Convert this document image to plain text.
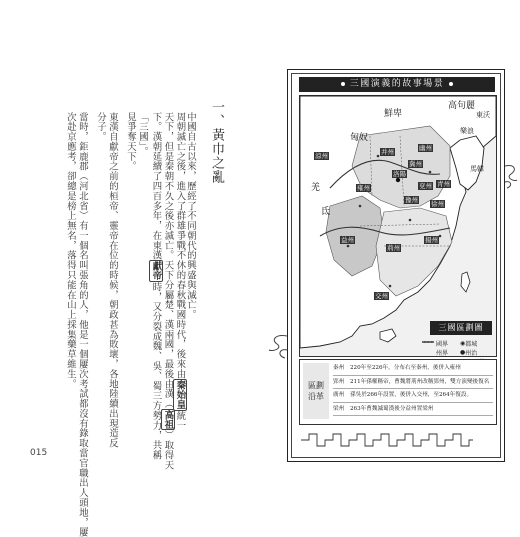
一、黃巾之亂
中國自古以來，歷經了不同朝代的興盛與滅亡。
周朝滅亡之後，進入了群雄爭戰不休的春秋戰國時代，後來由秦始皇統一
天下，但是秦朝不久之後亦滅亡。天下分屬楚、漢兩國，最後由漢（高祖）取得天
下。漢朝延續了四百多年，在東漢獻帝時，又分裂成魏、吳、蜀三方勢力，共稱
「三國」。
見爭奪天下。
東漢自獻帝之前的桓帝、靈帝在位的時候，朝政甚為敗壞，各地陸續出現造反
分子。
當時，鉅鹿郡（河北省）有一個名叫張角的人，他是一個屢次考試都沒有錄取當官職出人頭地，屢
次赴京應考，卻總是榜上無名，落得只能在山上採集藥草維生。
015
三國演義的故事場景
鮮卑
匈奴
高句麗
馬韓
羌
氐
洛陽
荊州
揚州
益州
交州
幽州
冀州
雍州
涼州	并州
青州
徐州
豫州
兗州
東沃
樂浪
三國區劃圖
國界 ◉ 都城
州界 ● 州治
區劃
沿革
秦州 220年至226年，分布右至秦州，後併入雍州
郢州 211年孫權稱帝，曹魏將荊州改稱郢州，雙方演變後復名
廣州 孫吳於266年設置，後併入交州，至264年復設。
梁州 263年曹魏滅蜀漢後分益州置梁州
